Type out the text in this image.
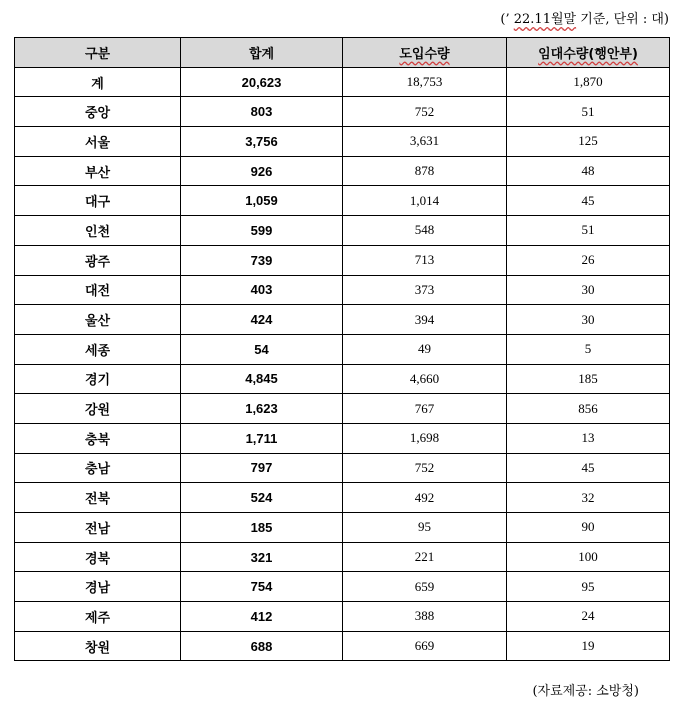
(’ 22.11월말 기준, 단위 : 대)
구분	합계	도입수량	임대수량(행안부)
계	20,623	18,753	1,870
중앙	803	752	51
서울	3,756	3,631	125
부산	926	878	48
대구	1,059	1,014	45
인천	599	548	51
광주	739	713	26
대전	403	373	30
울산	424	394	30
세종	54	49	5
경기	4,845	4,660	185
강원	1,623	767	856
충북	1,711	1,698	13
충남	797	752	45
전북	524	492	32
전남	185	95	90
경북	321	221	100
경남	754	659	95
제주	412	388	24
창원	688	669	19
(자료제공: 소방청)
